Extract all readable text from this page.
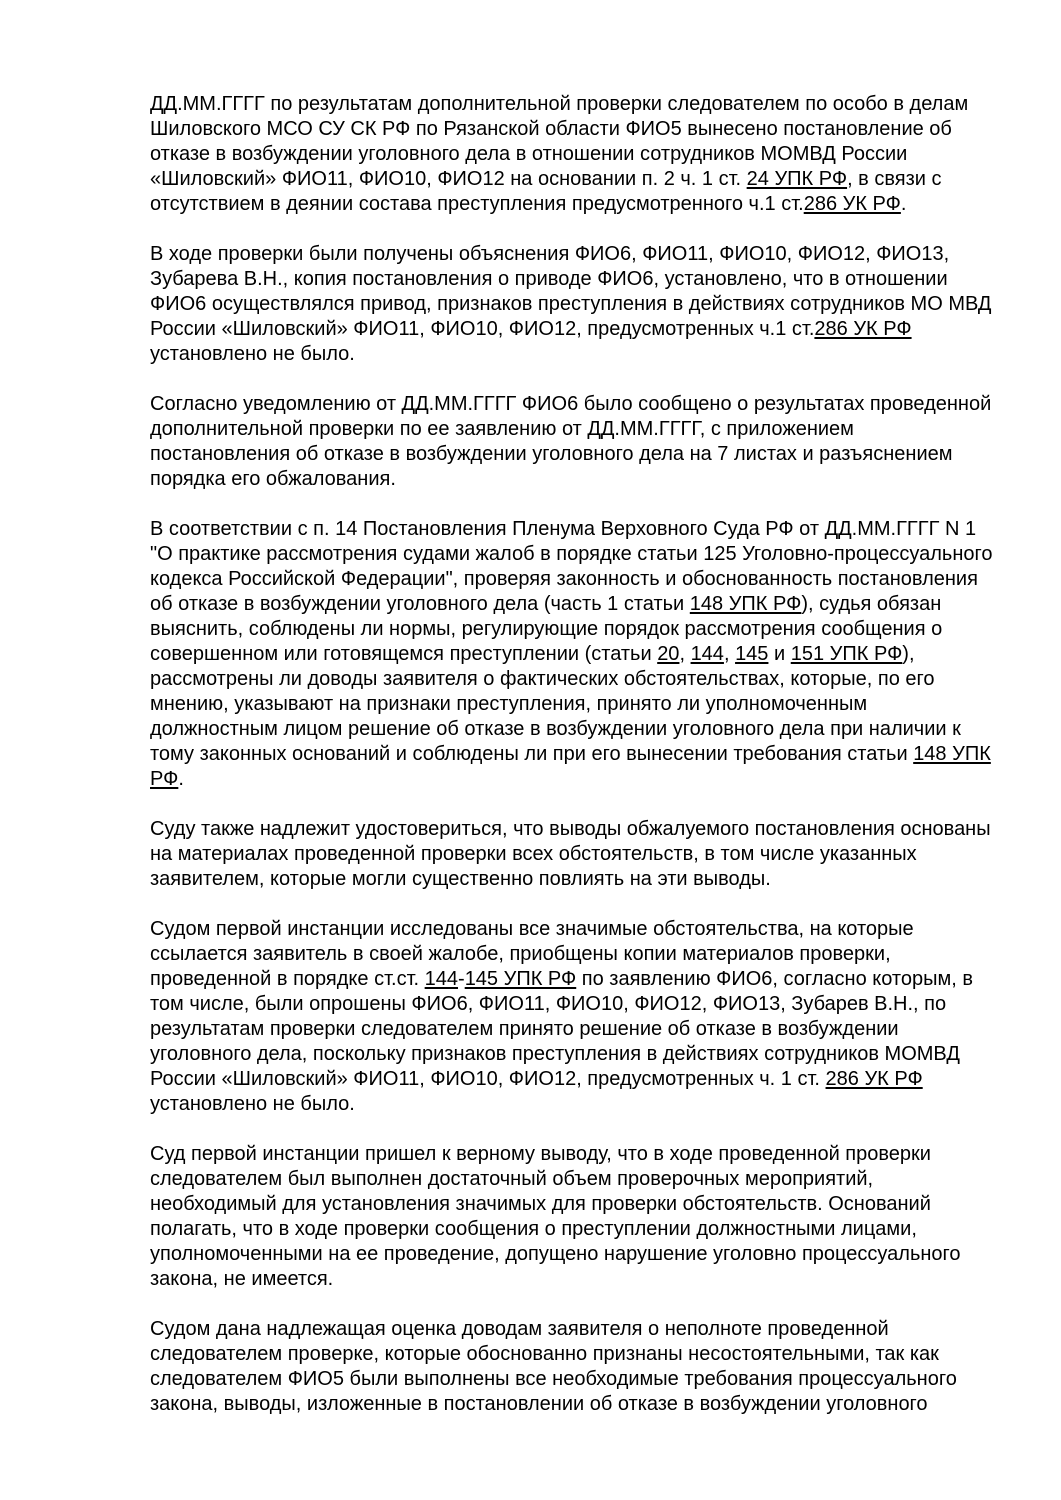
ДД.ММ.ГГГГ по результатам дополнительной проверки следователем по особо в делам Шиловского МСО СУ СК РФ по Рязанской области ФИО5 вынесено постановление об отказе в возбуждении уголовного дела в отношении сотрудников МОМВД России «Шиловский» ФИО11, ФИО10, ФИО12 на основании п. 2 ч. 1 ст. 24 УПК РФ, в связи с отсутствием в деянии состава преступления предусмотренного ч.1 ст.286 УК РФ.

В ходе проверки были получены объяснения ФИО6, ФИО11, ФИО10, ФИО12, ФИО13, Зубарева В.Н., копия постановления о приводе ФИО6, установлено, что в отношении ФИО6 осуществлялся привод, признаков преступления в действиях сотрудников МО МВД России «Шиловский» ФИО11, ФИО10, ФИО12, предусмотренных ч.1 ст.286 УК РФ установлено не было.

Согласно уведомлению от ДД.ММ.ГГГГ ФИО6 было сообщено о результатах проведенной дополнительной проверки по ее заявлению от ДД.ММ.ГГГГ, с приложением постановления об отказе в возбуждении уголовного дела на 7 листах и разъяснением порядка его обжалования.

В соответствии с п. 14 Постановления Пленума Верховного Суда РФ от ДД.ММ.ГГГГ N 1 "О практике рассмотрения судами жалоб в порядке статьи 125 Уголовно-процессуального кодекса Российской Федерации", проверяя законность и обоснованность постановления об отказе в возбуждении уголовного дела (часть 1 статьи 148 УПК РФ), судья обязан выяснить, соблюдены ли нормы, регулирующие порядок рассмотрения сообщения о совершенном или готовящемся преступлении (статьи 20, 144, 145 и 151 УПК РФ), рассмотрены ли доводы заявителя о фактических обстоятельствах, которые, по его мнению, указывают на признаки преступления, принято ли уполномоченным должностным лицом решение об отказе в возбуждении уголовного дела при наличии к тому законных оснований и соблюдены ли при его вынесении требования статьи 148 УПК РФ.

Суду также надлежит удостовериться, что выводы обжалуемого постановления основаны на материалах проведенной проверки всех обстоятельств, в том числе указанных заявителем, которые могли существенно повлиять на эти выводы.

Судом первой инстанции исследованы все значимые обстоятельства, на которые ссылается заявитель в своей жалобе, приобщены копии материалов проверки, проведенной в порядке ст.ст. 144-145 УПК РФ по заявлению ФИО6, согласно которым, в том числе, были опрошены ФИО6, ФИО11, ФИО10, ФИО12, ФИО13, Зубарев В.Н., по результатам проверки следователем принято решение об отказе в возбуждении уголовного дела, поскольку признаков преступления в действиях сотрудников МОМВД России «Шиловский» ФИО11, ФИО10, ФИО12, предусмотренных ч. 1 ст. 286 УК РФ установлено не было.

Суд первой инстанции пришел к верному выводу, что в ходе проведенной проверки следователем был выполнен достаточный объем проверочных мероприятий, необходимый для установления значимых для проверки обстоятельств. Оснований полагать, что в ходе проверки сообщения о преступлении должностными лицами, уполномоченными на ее проведение, допущено нарушение уголовно процессуального закона, не имеется.

Судом дана надлежащая оценка доводам заявителя о неполноте проведенной следователем проверке, которые обоснованно признаны несостоятельными, так как следователем ФИО5 были выполнены все необходимые требования процессуального закона, выводы, изложенные в постановлении об отказе в возбуждении уголовного
